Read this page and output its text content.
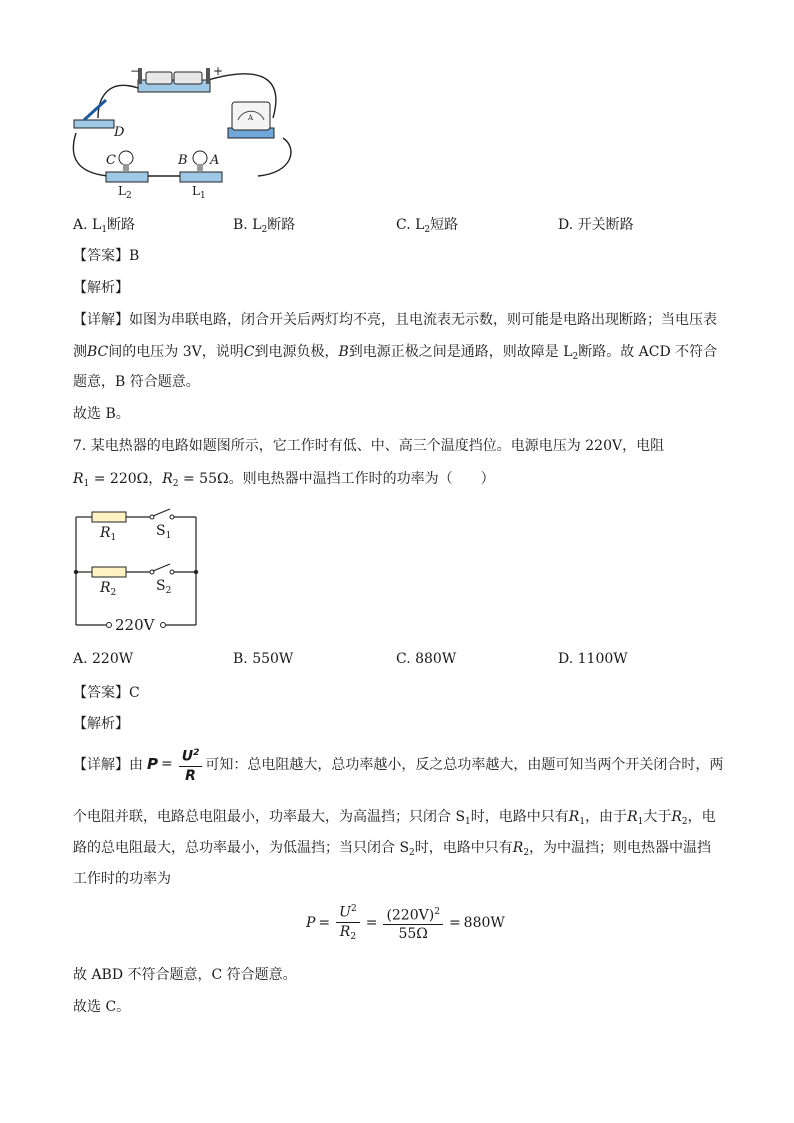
−	+
D
C	B A
A
$L_2$	$L_1$
A. $L_1$断路	B. $L_2$断路	C. $L_2$短路	D. 开关断路
【答案】B
【解析】
【详解】如图为串联电路，闭合开关后两灯均不亮，且电流表无示数，则可能是电路出现断路；当电压表
测BC间的电压为 3V，说明C到电源负极，B到电源正极之间是通路，则故障是 $L_2$断路。故 ACD 不符合
题意，B 符合题意。
故选 B。
7. 某电热器的电路如题图所示，它工作时有低、中、高三个温度挡位。电源电压为 220V，电阻
$R_1 = 220\Omega$，$R_2 = 55\Omega$。则电热器中温挡工作时的功率为（　　）
$R_1$	$S_1$
$R_2$	$S_2$
220V
A. 220W	B. 550W	C. 880W	D. 1100W
【答案】C
【解析】
【详解】 由 $P = \frac{U^2}{R}$ 可知：总电阻越大，总功率越小，反之总功率越大，由题可知当两个开关闭合时，两
个电阻并联，电路总电阻最小，功率最大，为高温挡；只闭合 $S_1$时，电路中只有$R_1$，由于$R_1$大于$R_2$，电
路的总电阻最大，总功率最小，为低温挡；当只闭合 $S_2$时，电路中只有$R_2$，为中温挡；则电热器中温挡
工作时的功率为
$P = \frac{U^2}{R_2} = \frac{(220V)^2}{55\Omega} = 880W$
故 ABD 不符合题意，C 符合题意。
故选 C。
